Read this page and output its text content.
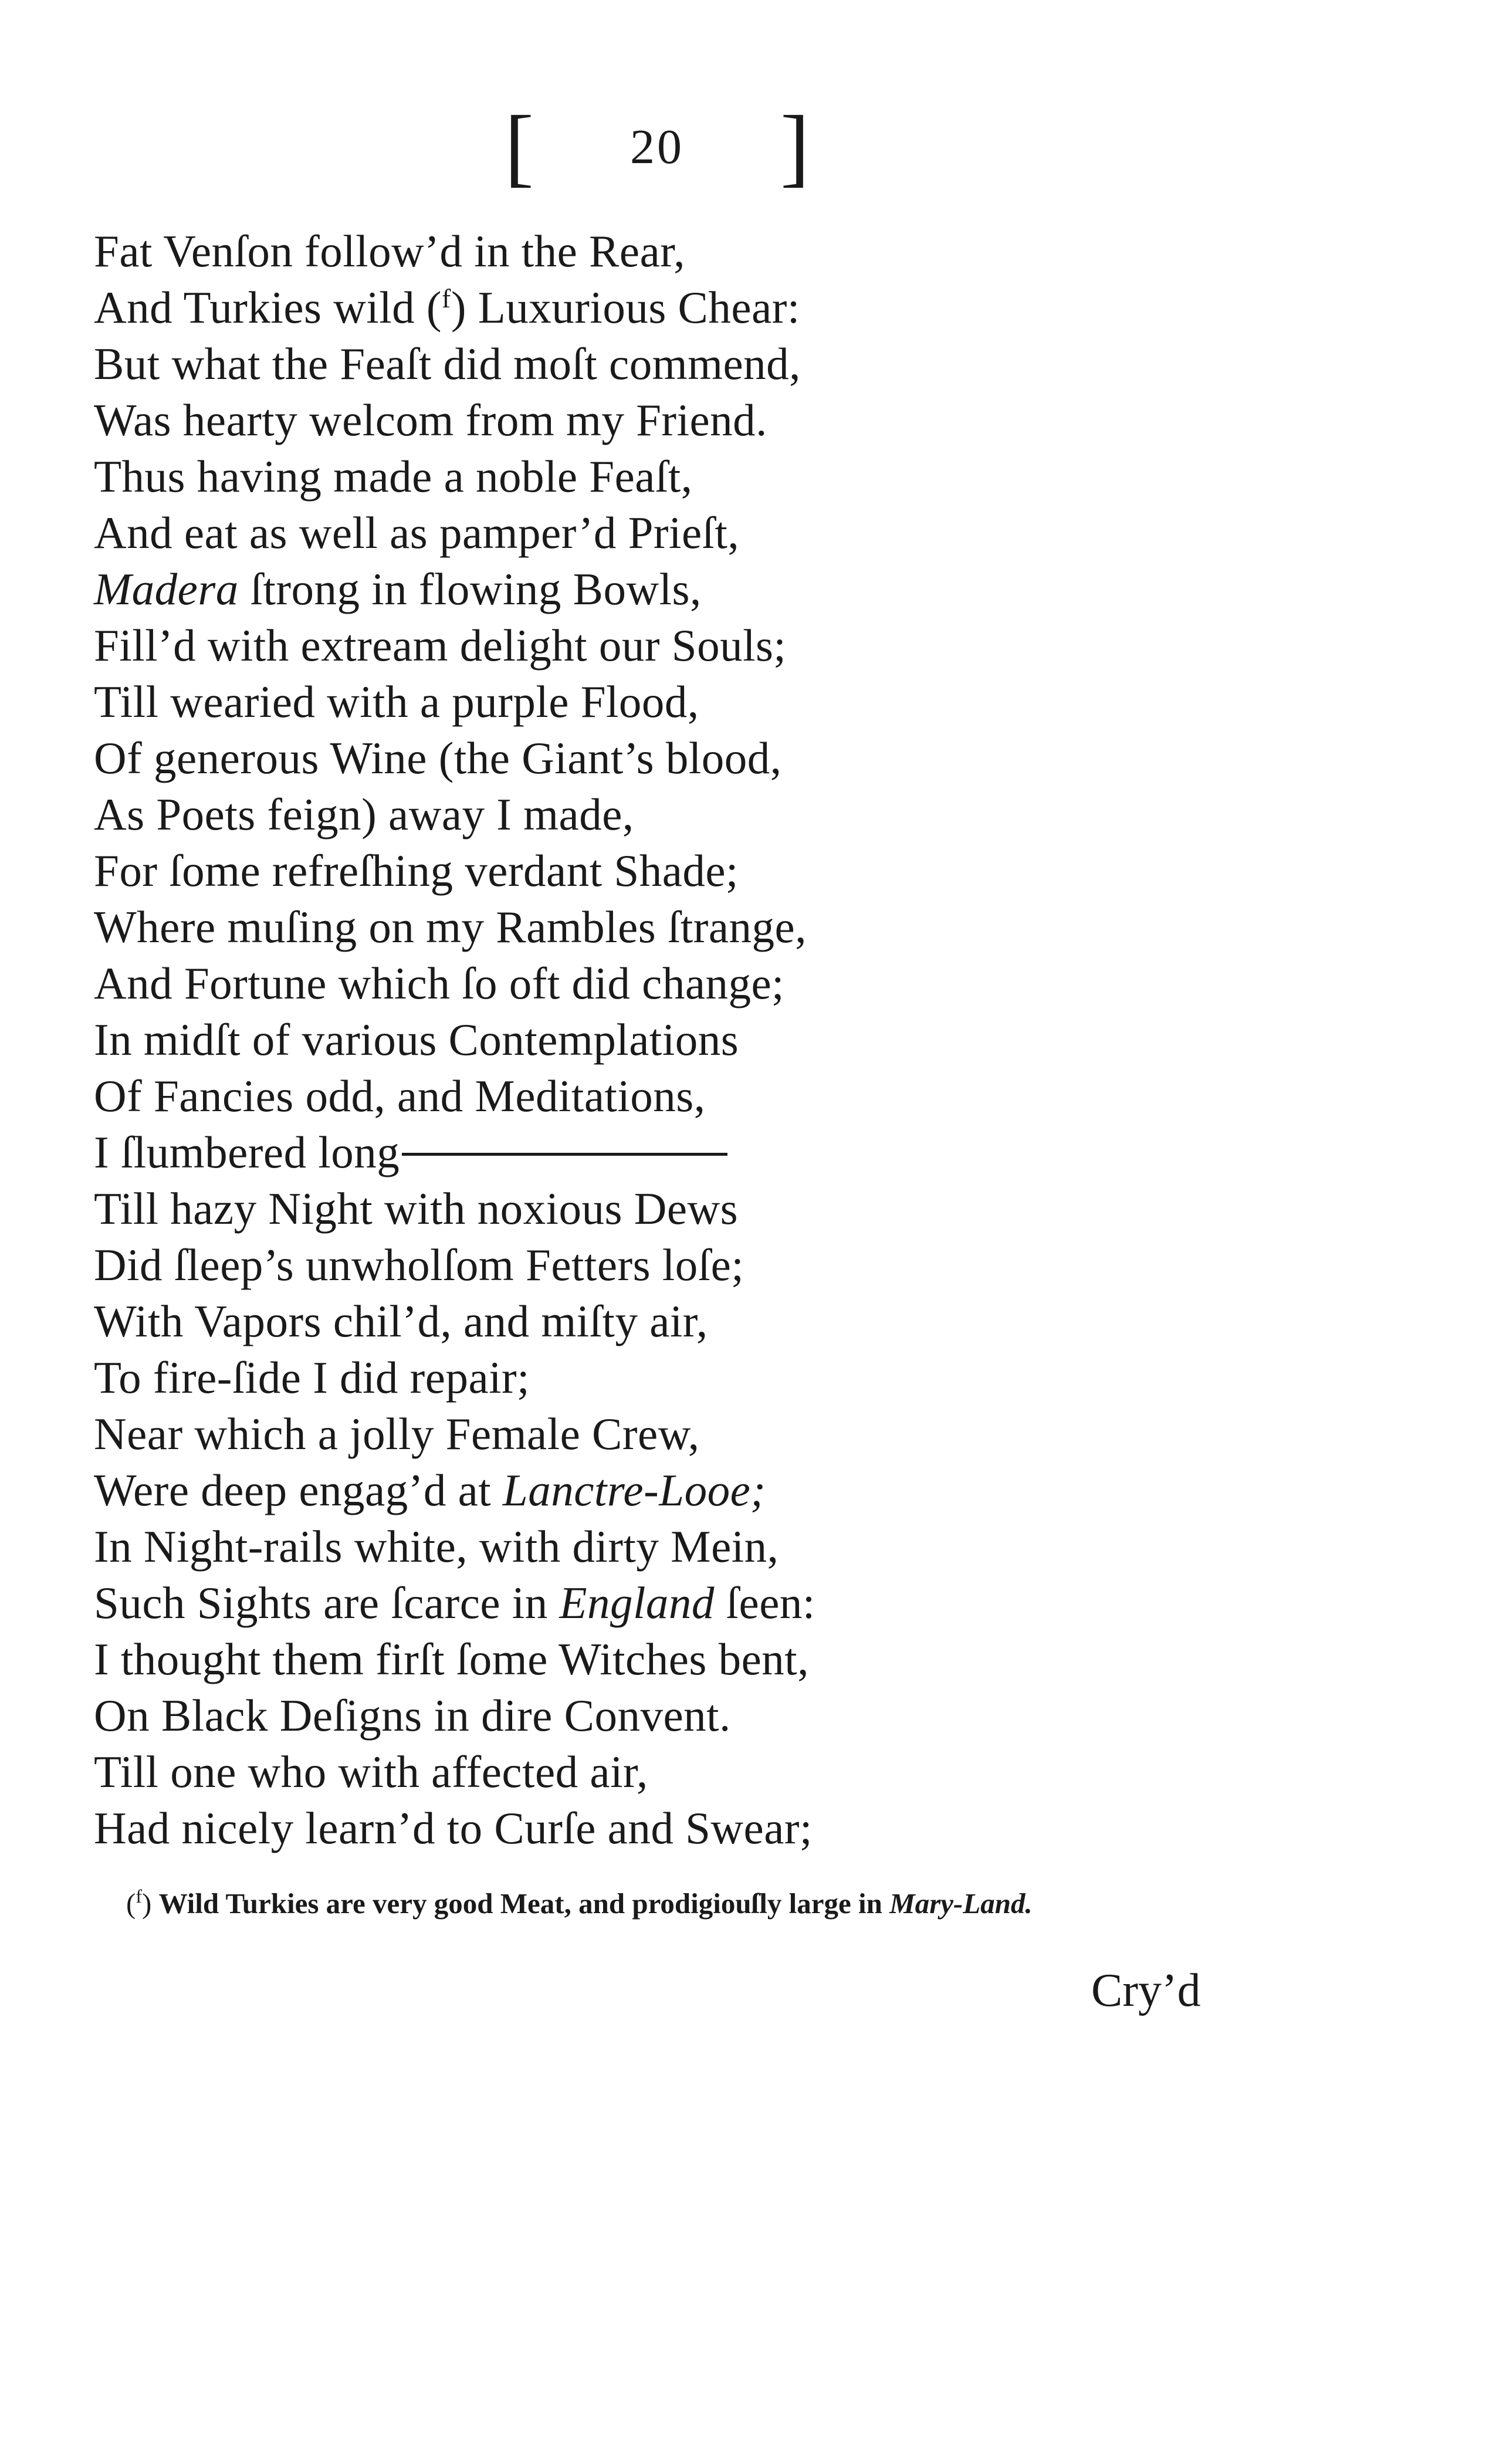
[ 20 ]
Fat Venſon follow’d in the Rear,
And Turkies wild ($^f$) Luxurious Chear:
But what the Feaſt did moſt commend,
Was hearty welcom from my Friend.
Thus having made a noble Feaſt,
And eat as well as pamper’d Prieſt,
Madera ſtrong in flowing Bowls,
Fill’d with extream delight our Souls;
Till wearied with a purple Flood,
Of generous Wine (the Giant’s blood,
As Poets feign) away I made,
For ſome refreſhing verdant Shade;
Where muſing on my Rambles ſtrange,
And Fortune which ſo oft did change;
In midſt of various Contemplations
Of Fancies odd, and Meditations,
I ſlumbered long
Till hazy Night with noxious Dews
Did ſleep’s unwholſom Fetters loſe;
With Vapors chil’d, and miſty air,
To fire-ſide I did repair;
Near which a jolly Female Crew,
Were deep engag’d at Lanctre-Looe;
In Night-rails white, with dirty Mein,
Such Sights are ſcarce in England ſeen:
I thought them firſt ſome Witches bent,
On Black Deſigns in dire Convent.
Till one who with affected air,
Had nicely learn’d to Curſe and Swear;
($^f$) Wild Turkies are very good Meat, and prodigiouſly large in Mary-Land.
Cry’d
